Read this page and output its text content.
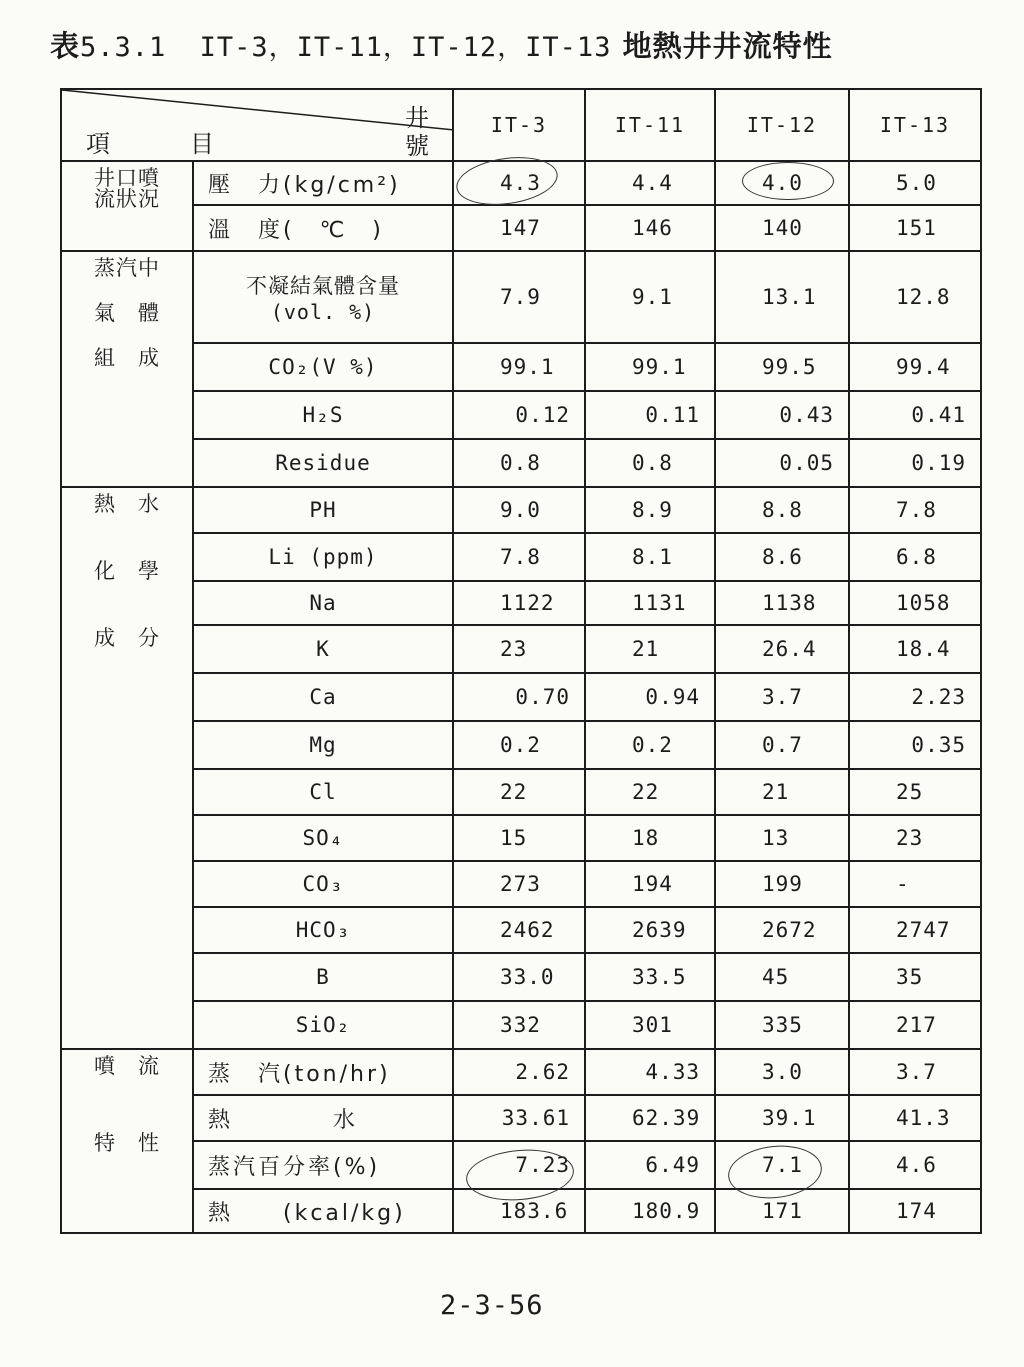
表5.3.1 IT-3，IT-11，IT-12，IT-13 地熱井井流特性
井
號
項目		IT-3	IT-11	IT-12	IT-13

井口噴
流狀況	壓　力(kg/cm²)	4.3	4.4	4.0	5.0
	溫　度(　℃　)	147	146	140	151

蒸汽中
氣　體
組　成	不凝結氣體含量
(vol. %)	7.9	9.1	13.1	12.8
	CO₂(V %)	99.1	99.1	99.5	99.4
	H₂S	0.12	0.11	0.43	0.41
	Residue	0.8	0.8	0.05	0.19

熱　水
化　學
成　分	PH	9.0	8.9	8.8	7.8
	Li (ppm)	7.8	8.1	8.6	6.8
	Na	1122	1131	1138	1058
	K	23	21	26.4	18.4
	Ca	0.70	0.94	3.7	2.23
	Mg	0.2	0.2	0.7	0.35
	Cl	22	22	21	25
	SO₄	15	18	13	23
	CO₃	273	194	199	-
	HCO₃	2462	2639	2672	2747
	B	33.0	33.5	45	35
	SiO₂	332	301	335	217

噴　流
特　性	蒸　汽(ton/hr)	2.62	4.33	3.0	3.7
	熱　　　　水	33.61	62.39	39.1	41.3
	蒸汽百分率(%)	7.23	6.49	7.1	4.6
	熱　　(kcal/kg)	183.6	180.9	171	174
2-3-56
